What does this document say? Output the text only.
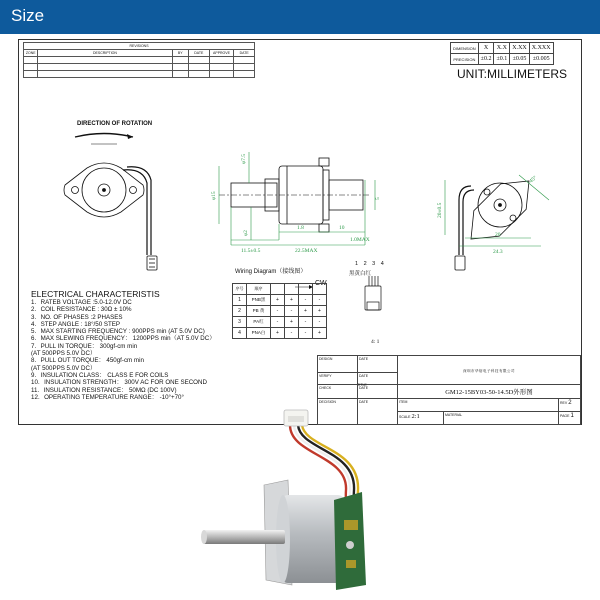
Size
REVISIONS					
ZONE	DESCRIPTION	BY	DATE	APPROVE	DATE

DIMENSION	X	X.X	X.XX	X.XXX
PRECISION	±0.2	±0.1	±0.05	±0.005
UNIT:MILLIMETERS
DIRECTION OF ROTATION
22.5MAX
11.5±0.5
1.8	10
1.0MAX
φ15
φ7.5
φ2
5
20
24.3
20±0.5
45°
ELECTRICAL CHARACTERISTIS
1．RATEB VOLTAGE :5.0-12.0V DC
2．COIL RESISTANCE : 30Ω ± 10%
3．NO. OF PHASES :2 PHASES
4．STEP ANGLE : 18°/50 STEP
5．MAX STARTING FREQUENCY : 900PPS min (AT 5.0V DC)
6．MAX SLEWING FREQUENCY： 1200PPS min（AT 5.0V DC）
7．PULL IN TORQUE： 300gf-cm min
(AT 500PPS 5.0V DC）
8．PULL OUT TORQUE： 450gf-cm min
(AT 500PPS 5.0V DC）
9．INSULATION CLASS： CLASS E FOR COILS
10．INSULATION STRENGTH： 300V AC FOR ONE SECOND
11．INSULATION RESISTANCE： 50MΩ (DC 100V)
12．OPERATING TEMPERATURE RANGE： -10°+70°
Wiring Diagram（接线图）
CW
序号	顺序				
1	PNB黑	+	+	-	-
2	PB 黄	-	-	+	+
3	PA红	-	+	-	-
4	PNA白	+	-	-	+
1 2 3 4
黑黄白红
4: 1
DESIGN	DATE	深圳市华舫电子科技有限公司		
VERIFY	DATE			
CHECK	DATE	TITLE
GM12-15BY03-50-14.5D外形图		
DECISION	DATE	ITEM		REV 2
		SCALE 2:1	MATERIAL	PAGE 1
